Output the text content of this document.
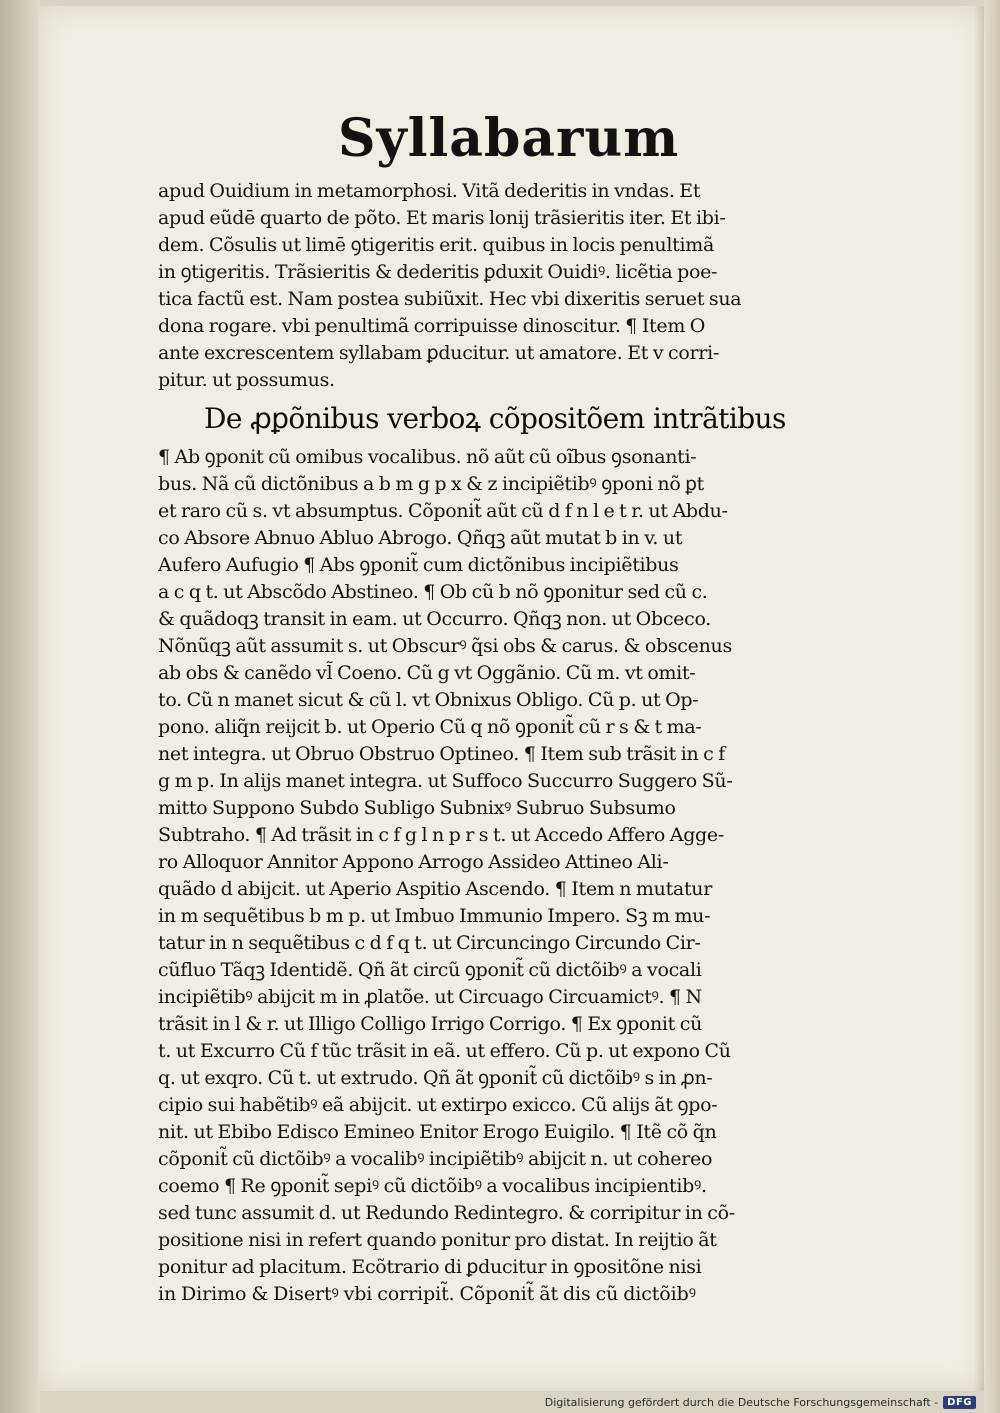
Syllabarum
apud Ouidium in metamorphosi. Vitã dederitis in vndas. Et
apud eũdē quarto de põto. Et maris lonij trãsieritis iter. Et ibi-
dem. Cõsulis ut limē ꝯtigeritis erit. quibus in locis penultimã
in ꝯtigeritis. Trãsieritis & dederitis ꝑduxit Ouidiꝰ. licẽtia poe-
tica factũ est. Nam postea subiũxit. Hec vbi dixeritis seruet sua
dona rogare. vbi penultimã corripuisse dinoscitur. ¶ Item O
ante excrescentem syllabam ꝑducitur. ut amatore. Et v corri-
pitur. ut possumus.
De ꝓꝑõnibus verboꝝ cõpositõem intrãtibus
¶ Ab ꝯponit cũ omibus vocalibus. nõ aũt cũ oĩbus ꝯsonanti-
bus. Nã cũ dictõnibus a b m g p x & z incipiẽtibꝰ ꝯponi nõ ꝑt
et raro cũ s. vt absumptus. Cõponit̃ aũt cũ d f n l e t r. ut Abdu-
co Absore Abnuo Abluo Abrogo. Qñqꝫ aũt mutat b in v. ut
Aufero Aufugio ¶ Abs ꝯponit̃ cum dictõnibus incipiẽtibus
a c q t. ut Abscõdo Abstineo. ¶ Ob cũ b nõ ꝯponitur sed cũ c.
& quãdoqꝫ transit in eam. ut Occurro. Qñqꝫ non. ut Obceco.
Nõnũqꝫ aũt assumit s. ut Obscurꝰ q̃si obs & carus. & obscenus
ab obs & canẽdo vl̃ Coeno. Cũ g vt Oggãnio. Cũ m. vt omit-
to. Cũ n manet sicut & cũ l. vt Obnixus Obligo. Cũ p. ut Op-
pono. aliq̃n reijcit b. ut Operio Cũ q nõ ꝯponit̃ cũ r s & t ma-
net integra. ut Obruo Obstruo Optineo. ¶ Item sub trãsit in c f
g m p. In alijs manet integra. ut Suffoco Succurro Suggero Sũ-
mitto Suppono Subdo Subligo Subnixꝰ Subruo Subsumo
Subtraho. ¶ Ad trãsit in c f g l n p r s t. ut Accedo Affero Agge-
ro Alloquor Annitor Appono Arrogo Assideo Attineo Ali-
quãdo d abijcit. ut Aperio Aspitio Ascendo. ¶ Item n mutatur
in m sequẽtibus b m p. ut Imbuo Immunio Impero. Sꝫ m mu-
tatur in n sequẽtibus c d f q t. ut Circuncingo Circundo Cir-
cũfluo Tãqꝫ Identidẽ. Qñ ãt circũ ꝯponit̃ cũ dictõibꝰ a vocali
incipiẽtibꝰ abijcit m in ꝓlatõe. ut Circuago Circuamictꝰ. ¶ N
trãsit in l & r. ut Illigo Colligo Irrigo Corrigo. ¶ Ex ꝯponit cũ
t. ut Excurro Cũ f tũc trãsit in eã. ut effero. Cũ p. ut expono Cũ
q. ut exqro. Cũ t. ut extrudo. Qñ ãt ꝯponit̃ cũ dictõibꝰ s in ꝓn-
cipio sui habẽtibꝰ eã abijcit. ut extirpo exicco. Cũ alijs ãt ꝯpo-
nit. ut Ebibo Edisco Emineo Enitor Erogo Euigilo. ¶ Itẽ cõ q̃n
cõponit̃ cũ dictõibꝰ a vocalibꝰ incipiẽtibꝰ abijcit n. ut cohereo
coemo ¶ Re ꝯponit̃ sepiꝰ cũ dictõibꝰ a vocalibus incipientibꝰ.
sed tunc assumit d. ut Redundo Redintegro. & corripitur in cõ-
positione nisi in refert quando ponitur pro distat. In reijtio ãt
ponitur ad placitum. Ecõtrario di ꝑducitur in ꝯpositõne nisi
in Dirimo & Disertꝰ vbi corripit̃. Cõponit̃ ãt dis cũ dictõibꝰ
Digitalisierung gefördert durch die Deutsche Forschungsgemeinschaft - DFG
